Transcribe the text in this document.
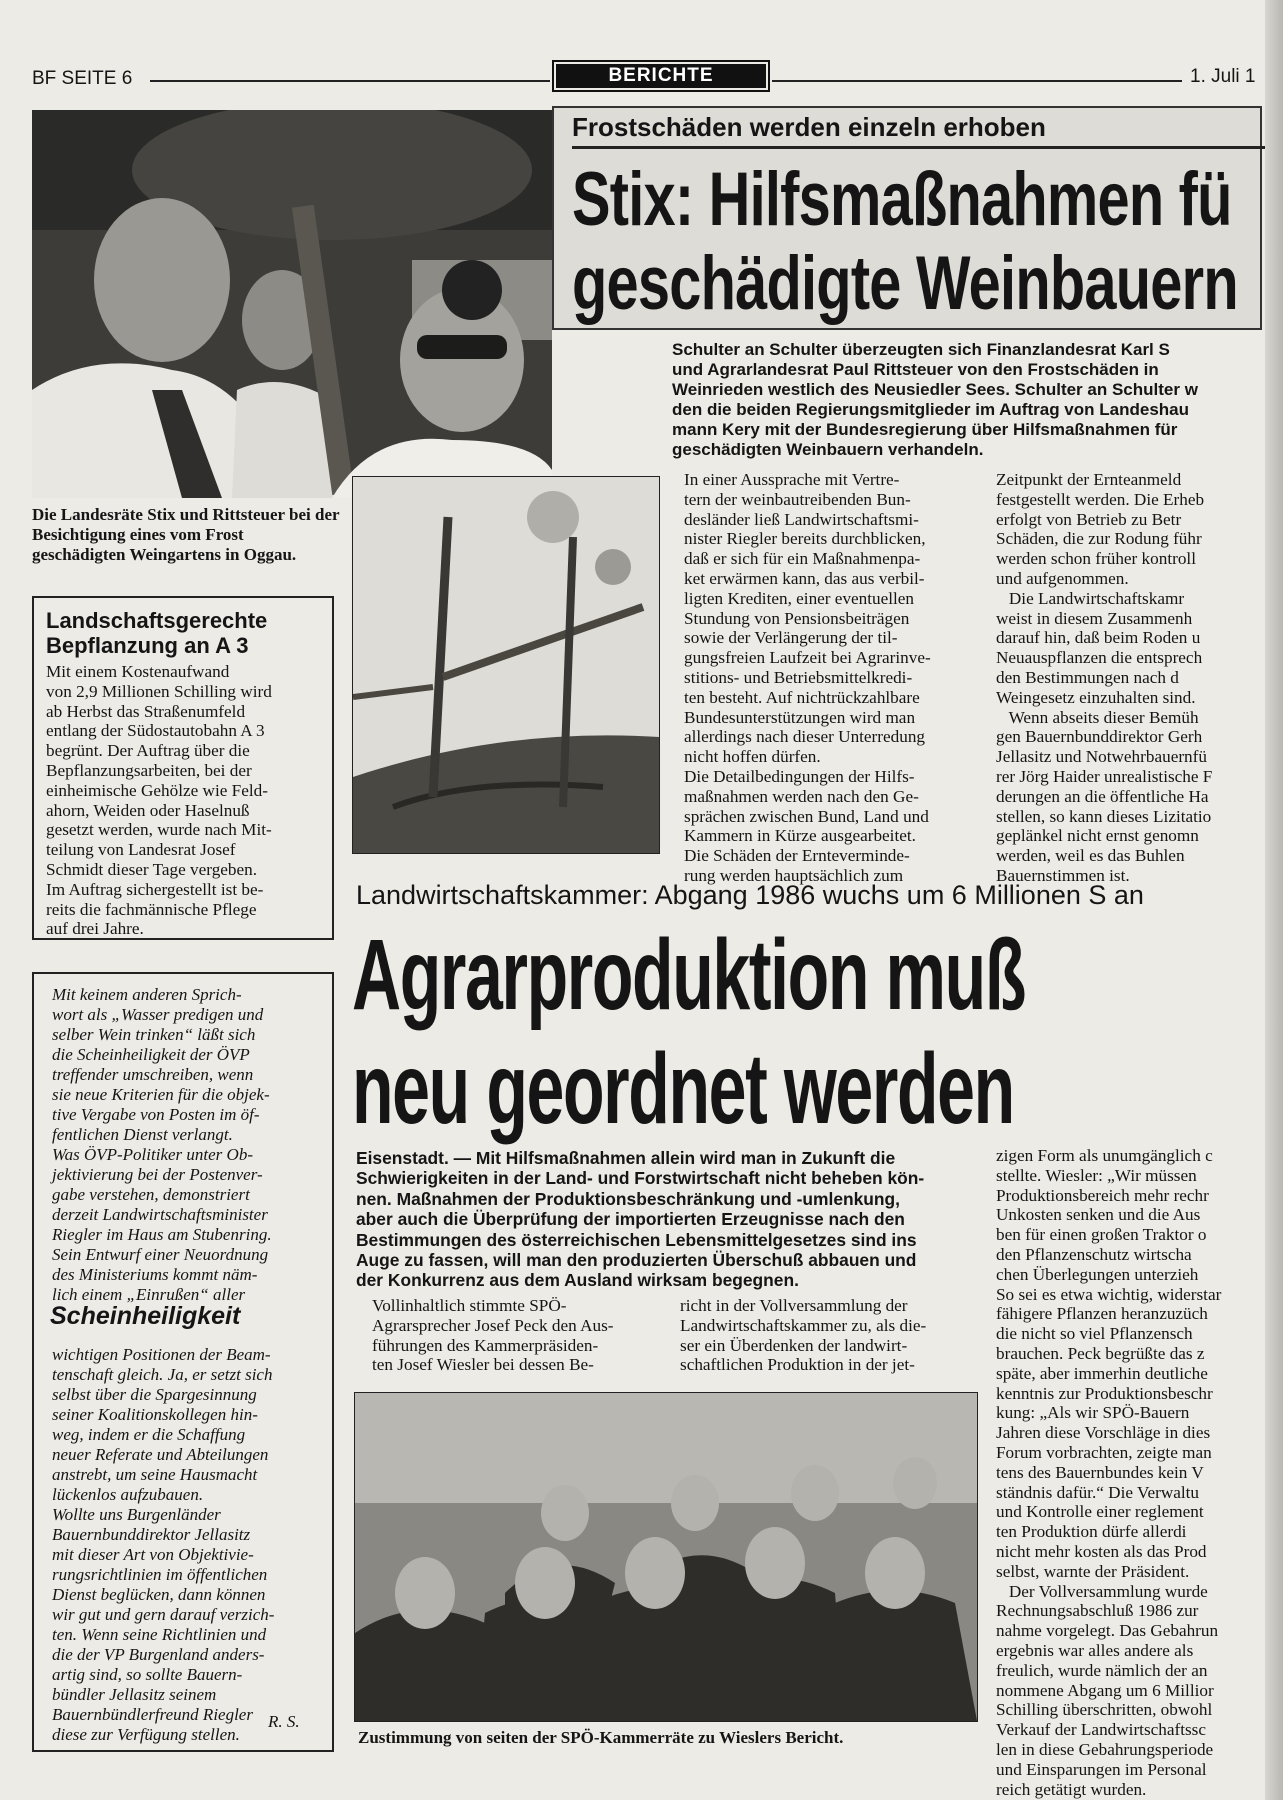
BF SEITE 6	BERICHTE	1. Juli 1
Die Landesräte Stix und Rittsteuer bei der Besichtigung eines vom Frost geschädigten Weingartens in Oggau.
Frostschäden werden einzeln erhoben
Stix: Hilfsmaßnahmen fü
geschädigte Weinbauern
Schulter an Schulter überzeugten sich Finanzlandesrat Karl S
und Agrarlandesrat Paul Rittsteuer von den Frostschäden in
Weinrieden westlich des Neusiedler Sees. Schulter an Schulter w
den die beiden Regierungsmitglieder im Auftrag von Landeshau
mann Kery mit der Bundesregierung über Hilfsmaßnahmen für
geschädigten Weinbauern verhandeln.
In einer Aussprache mit Vertre-
tern der weinbautreibenden Bun-
desländer ließ Landwirtschaftsmi-
nister Riegler bereits durchblicken,
daß er sich für ein Maßnahmenpa-
ket erwärmen kann, das aus verbil-
ligten Krediten, einer eventuellen
Stundung von Pensionsbeiträgen
sowie der Verlängerung der til-
gungsfreien Laufzeit bei Agrarinve-
stitions- und Betriebsmittelkredi-
ten besteht. Auf nichtrückzahlbare
Bundesunterstützungen wird man
allerdings nach dieser Unterredung
nicht hoffen dürfen.
Die Detailbedingungen der Hilfs-
maßnahmen werden nach den Ge-
sprächen zwischen Bund, Land und
Kammern in Kürze ausgearbeitet.
Die Schäden der Ernteverminde-
rung werden hauptsächlich zum
Zeitpunkt der Ernteanmeld
festgestellt werden. Die Erheb
erfolgt von Betrieb zu Betr
Schäden, die zur Rodung führ
werden schon früher kontroll
und aufgenommen.
Die Landwirtschaftskamr
weist in diesem Zusammenh
darauf hin, daß beim Roden u
Neuauspflanzen die entsprech
den Bestimmungen nach d
Weingesetz einzuhalten sind.
Wenn abseits dieser Bemüh
gen Bauernbunddirektor Gerh
Jellasitz und Notwehrbauernfü
rer Jörg Haider unrealistische F
derungen an die öffentliche Ha
stellen, so kann dieses Lizitatio
geplänkel nicht ernst genomn
werden, weil es das Buhlen
Bauernstimmen ist.
Landschaftsgerechte Bepflanzung an A 3
Mit einem Kostenaufwand
von 2,9 Millionen Schilling wird
ab Herbst das Straßenumfeld
entlang der Südostautobahn A 3
begrünt. Der Auftrag über die
Bepflanzungsarbeiten, bei der
einheimische Gehölze wie Feld-
ahorn, Weiden oder Haselnuß
gesetzt werden, wurde nach Mit-
teilung von Landesrat Josef
Schmidt dieser Tage vergeben.
Im Auftrag sichergestellt ist be-
reits die fachmännische Pflege
auf drei Jahre.
Mit keinem anderen Sprich-
wort als „Wasser predigen und
selber Wein trinken“ läßt sich
die Scheinheiligkeit der ÖVP
treffender umschreiben, wenn
sie neue Kriterien für die objek-
tive Vergabe von Posten im öf-
fentlichen Dienst verlangt.
Was ÖVP-Politiker unter Ob-
jektivierung bei der Postenver-
gabe verstehen, demonstriert
derzeit Landwirtschaftsminister
Riegler im Haus am Stubenring.
Sein Entwurf einer Neuordnung
des Ministeriums kommt näm-
lich einem „Einrußen“ aller
Scheinheiligkeit
wichtigen Positionen der Beam-
tenschaft gleich. Ja, er setzt sich
selbst über die Spargesinnung
seiner Koalitionskollegen hin-
weg, indem er die Schaffung
neuer Referate und Abteilungen
anstrebt, um seine Hausmacht
lückenlos aufzubauen.
Wollte uns Burgenländer
Bauernbunddirektor Jellasitz
mit dieser Art von Objektivie-
rungsrichtlinien im öffentlichen
Dienst beglücken, dann können
wir gut und gern darauf verzich-
ten. Wenn seine Richtlinien und
die der VP Burgenland anders-
artig sind, so sollte Bauern-
bündler Jellasitz seinem
Bauernbündlerfreund Riegler
diese zur Verfügung stellen.
R. S.
Landwirtschaftskammer: Abgang 1986 wuchs um 6 Millionen S an
Agrarproduktion muß
neu geordnet werden
Eisenstadt. — Mit Hilfsmaßnahmen allein wird man in Zukunft die
Schwierigkeiten in der Land- und Forstwirtschaft nicht beheben kön-
nen. Maßnahmen der Produktionsbeschränkung und -umlenkung,
aber auch die Überprüfung der importierten Erzeugnisse nach den
Bestimmungen des österreichischen Lebensmittelgesetzes sind ins
Auge zu fassen, will man den produzierten Überschuß abbauen und
der Konkurrenz aus dem Ausland wirksam begegnen.
Vollinhaltlich stimmte SPÖ-
Agrarsprecher Josef Peck den Aus-
führungen des Kammerpräsiden-
ten Josef Wiesler bei dessen Be-
richt in der Vollversammlung der
Landwirtschaftskammer zu, als die-
ser ein Überdenken der landwirt-
schaftlichen Produktion in der jet-
zigen Form als unumgänglich c
stellte. Wiesler: „Wir müssen
Produktionsbereich mehr rechr
Unkosten senken und die Aus
ben für einen großen Traktor o
den Pflanzenschutz wirtscha
chen Überlegungen unterzieh
So sei es etwa wichtig, widerstar
fähigere Pflanzen heranzuzüch
die nicht so viel Pflanzensch
brauchen. Peck begrüßte das z
späte, aber immerhin deutliche
kenntnis zur Produktionsbeschr
kung: „Als wir SPÖ-Bauern
Jahren diese Vorschläge in dies
Forum vorbrachten, zeigte man
tens des Bauernbundes kein V
ständnis dafür.“ Die Verwaltu
und Kontrolle einer reglement
ten Produktion dürfe allerdi
nicht mehr kosten als das Prod
selbst, warnte der Präsident.
Der Vollversammlung wurde
Rechnungsabschluß 1986 zur
nahme vorgelegt. Das Gebahrun
ergebnis war alles andere als
freulich, wurde nämlich der an
nommene Abgang um 6 Millior
Schilling überschritten, obwohl
Verkauf der Landwirtschaftssc
len in diese Gebahrungsperiode
und Einsparungen im Personal
reich getätigt wurden.
Zustimmung von seiten der SPÖ-Kammerräte zu Wieslers Bericht.
